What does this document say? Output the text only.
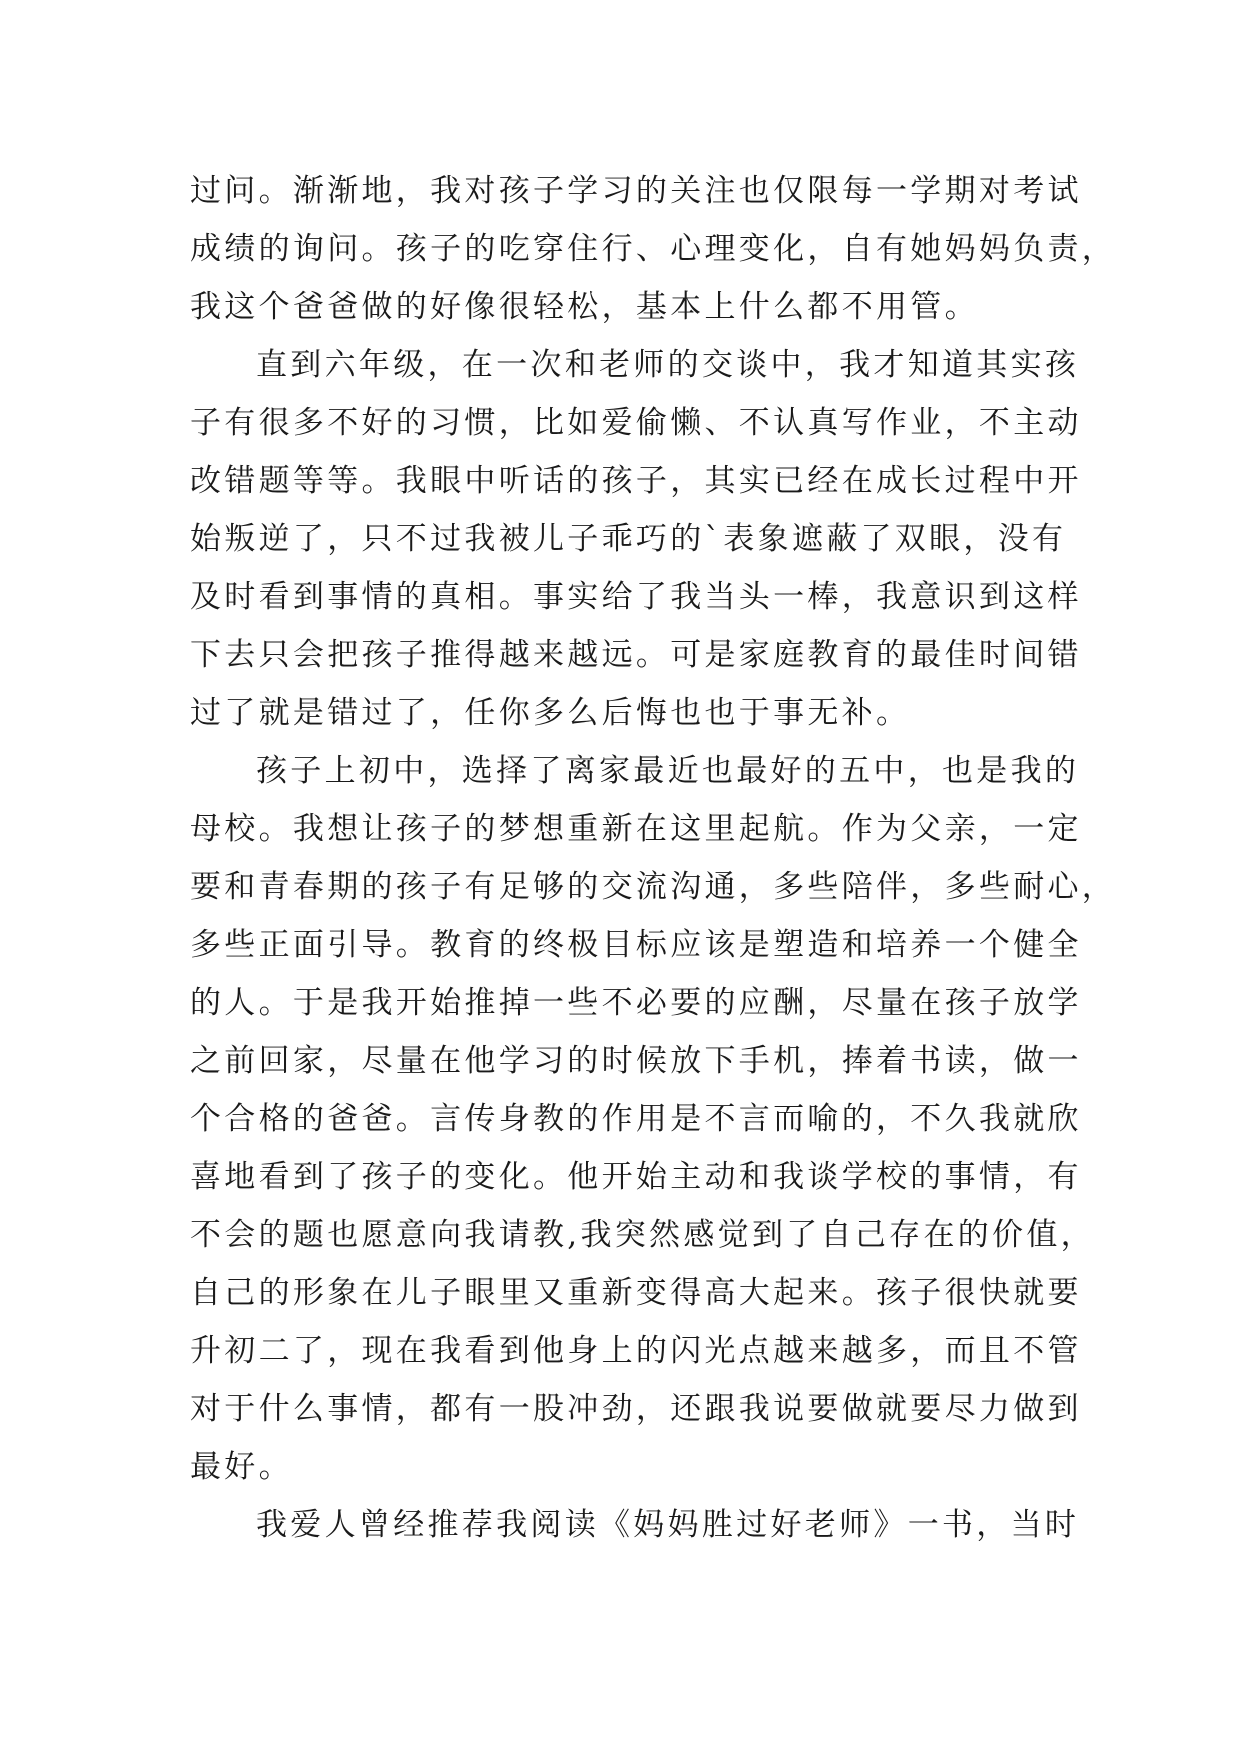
过问。渐渐地，我对孩子学习的关注也仅限每一学期对考试
成绩的询问。孩子的吃穿住行、心理变化，自有她妈妈负责，
我这个爸爸做的好像很轻松，基本上什么都不用管。
直到六年级，在一次和老师的交谈中，我才知道其实孩
子有很多不好的习惯，比如爱偷懒、不认真写作业，不主动
改错题等等。我眼中听话的孩子，其实已经在成长过程中开
始叛逆了，只不过我被儿子乖巧的`表象遮蔽了双眼，没有
及时看到事情的真相。事实给了我当头一棒，我意识到这样
下去只会把孩子推得越来越远。可是家庭教育的最佳时间错
过了就是错过了，任你多么后悔也也于事无补。
孩子上初中，选择了离家最近也最好的五中，也是我的
母校。我想让孩子的梦想重新在这里起航。作为父亲，一定
要和青春期的孩子有足够的交流沟通，多些陪伴，多些耐心，
多些正面引导。教育的终极目标应该是塑造和培养一个健全
的人。于是我开始推掉一些不必要的应酬，尽量在孩子放学
之前回家，尽量在他学习的时候放下手机，捧着书读，做一
个合格的爸爸。言传身教的作用是不言而喻的，不久我就欣
喜地看到了孩子的变化。他开始主动和我谈学校的事情，有
不会的题也愿意向我请教,我突然感觉到了自己存在的价值，
自己的形象在儿子眼里又重新变得高大起来。孩子很快就要
升初二了，现在我看到他身上的闪光点越来越多，而且不管
对于什么事情，都有一股冲劲，还跟我说要做就要尽力做到
最好。
我爱人曾经推荐我阅读《妈妈胜过好老师》一书，当时
